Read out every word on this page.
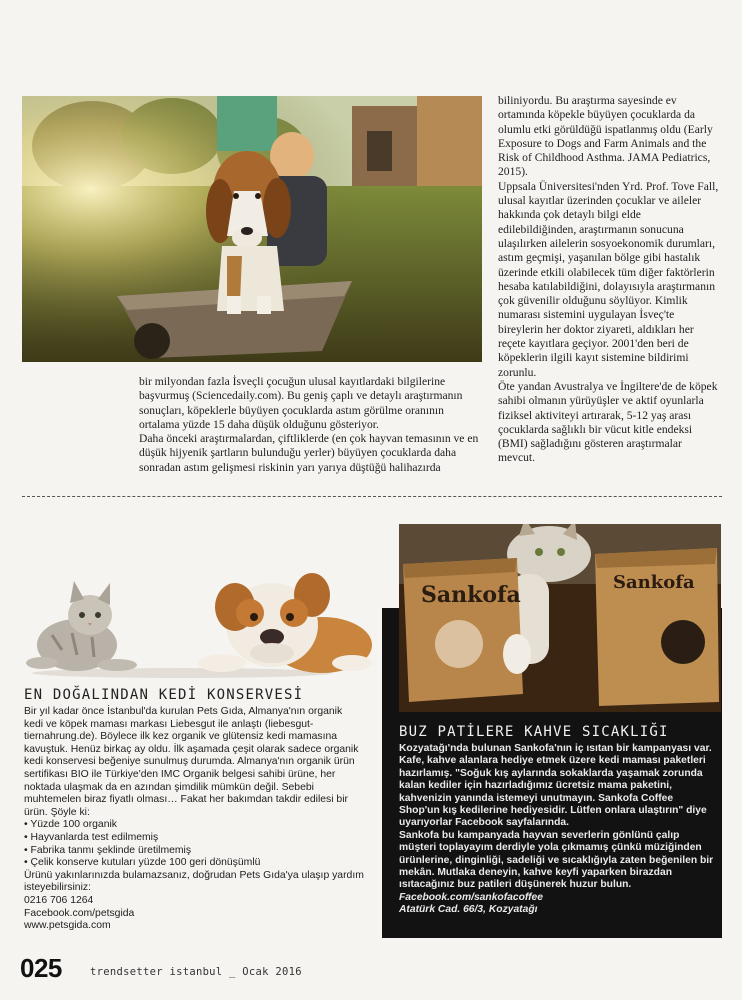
biliniyordu. Bu araştırma sayesinde ev ortamında köpekle büyüyen çocuklarda da olumlu etki görüldüğü ispatlanmış oldu (Early Exposure to Dogs and Farm Animals and the Risk of Childhood Asthma. JAMA Pediatrics, 2015).

Uppsala Üniversitesi'nden Yrd. Prof. Tove Fall, ulusal kayıtlar üzerinden çocuklar ve aileler hakkında çok detaylı bilgi elde edilebildiğinden, araştırmanın sonucuna ulaşılırken ailelerin sosyoekonomik durumları, astım geçmişi, yaşanılan bölge gibi hastalık üzerinde etkili olabilecek tüm diğer faktörlerin hesaba katılabildiğini, dolayısıyla araştırmanın çok güvenilir olduğunu söylüyor. Kimlik numarası sistemini uygulayan İsveç'te bireylerin her doktor ziyareti, aldıkları her reçete kayıtlara geçiyor. 2001'den beri de köpeklerin ilgili kayıt sistemine bildirimi zorunlu.

Öte yandan Avustralya ve İngiltere'de de köpek sahibi olmanın yürüyüşler ve aktif oyunlarla fiziksel aktiviteyi artırarak, 5-12 yaş arası çocuklarda sağlıklı bir vücut kitle endeksi (BMI) sağladığını gösteren araştırmalar mevcut.

bir milyondan fazla İsveçli çocuğun ulusal kayıtlardaki bilgilerine başvurmuş (Sciencedaily.com). Bu geniş çaplı ve detaylı araştırmanın sonuçları, köpeklerle büyüyen çocuklarda astım görülme oranının ortalama yüzde 15 daha düşük olduğunu gösteriyor.

Daha önceki araştırmalardan, çiftliklerde (en çok hayvan temasının ve en düşük hijyenik şartların bulunduğu yerler) büyüyen çocuklarda daha sonradan astım gelişmesi riskinin yarı yarıya düştüğü halihazırda

EN DOĞALINDAN KEDİ KONSERVESİ

Bir yıl kadar önce İstanbul'da kurulan Pets Gıda, Almanya'nın organik kedi ve köpek maması markası Liebesgut ile anlaştı (liebesgut-tiernahrung.de). Böylece ilk kez organik ve glütensiz kedi mamasına kavuştuk. Henüz birkaç ay oldu. İlk aşamada çeşit olarak sadece organik kedi konservesi beğeniye sunulmuş durumda. Almanya'nın organik ürün sertifikası BIO ile Türkiye'den IMC Organik belgesi sahibi ürüne, her noktada ulaşmak da en azından şimdilik mümkün değil. Sebebi muhtemelen biraz fiyatlı olması… Fakat her bakımdan takdir edilesi bir ürün. Şöyle ki:

• Yüzde 100 organik
• Hayvanlarda test edilmemiş
• Fabrika tanmı şeklinde üretilmemiş
• Çelik konserve kutuları yüzde 100 geri dönüşümlü

Ürünü yakınlarınızda bulamazsanız, doğrudan Pets Gıda'ya ulaşıp yardım isteyebilirsiniz:

0216 706 1264

Facebook.com/petsgida

www.petsgida.com

Sankofa	Sankofa
BUZ PATİLERE KAHVE SICAKLIĞI

Kozyatağı'nda bulunan Sankofa'nın iç ısıtan bir kampanyası var. Kafe, kahve alanlara hediye etmek üzere kedi maması paketleri hazırlamış. "Soğuk kış aylarında sokaklarda yaşamak zorunda kalan kediler için hazırladığımız ücretsiz mama paketini, kahvenizin yanında istemeyi unutmayın. Sankofa Coffee Shop'un kış kedilerine hediyesidir. Lütfen onlara ulaştırın" diye uyarıyorlar Facebook sayfalarında.

Sankofa bu kampanyada hayvan severlerin gönlünü çalıp müşteri toplayayım derdiyle yola çıkmamış çünkü müziğinden ürünlerine, dinginliği, sadeliği ve sıcaklığıyla zaten beğenilen bir mekân. Mutlaka deneyin, kahve keyfi yaparken birazdan ısıtacağınız buz patileri düşünerek huzur bulun.

Facebook.com/sankofacoffee

Atatürk Cad. 66/3, Kozyatağı

025	trendsetter istanbul _ Ocak 2016
